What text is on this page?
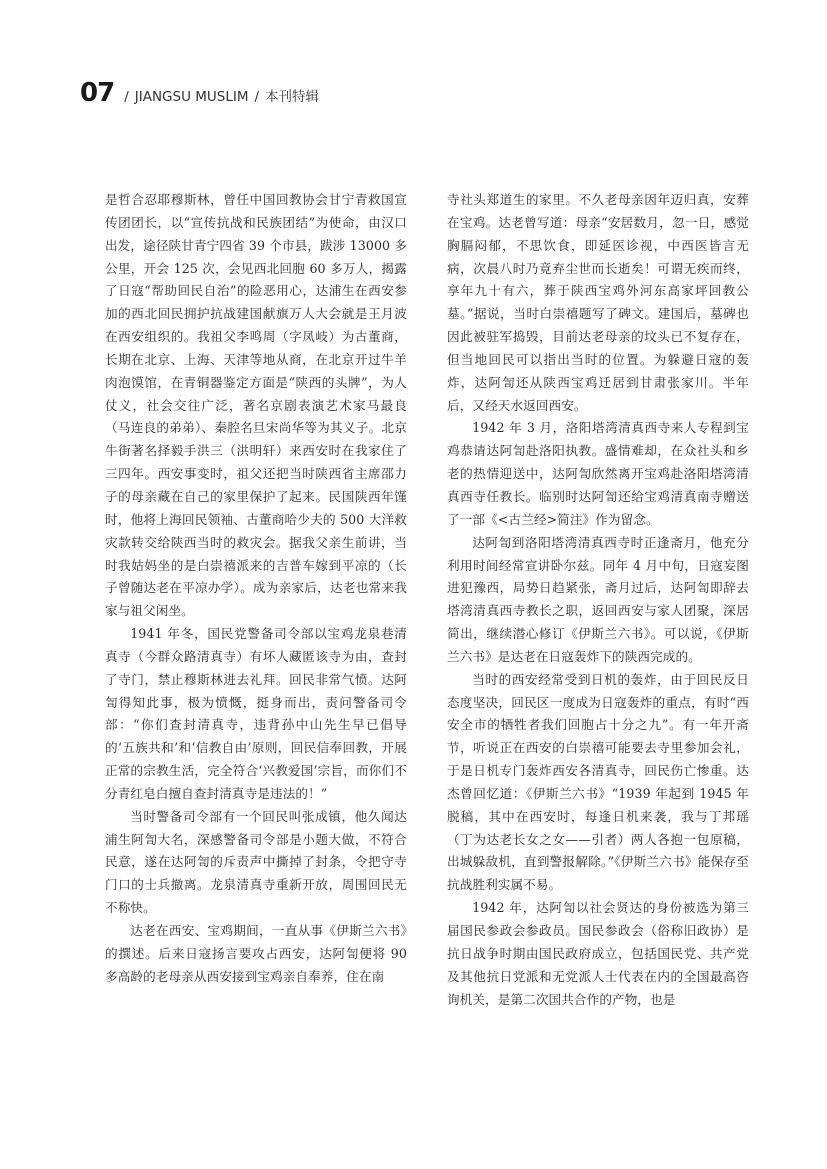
07 / JIANGSU MUSLIM / 本刊特辑

是哲合忍耶穆斯林，曾任中国回教协会甘宁青救国宣传团团长，以“宣传抗战和民族团结”为使命，由汉口出发，途径陕甘青宁四省 39 个市县，跋涉 13000 多公里，开会 125 次，会见西北回胞 60 多万人，揭露了日寇“帮助回民自治”的险恶用心，达浦生在西安参加的西北回民拥护抗战建国献旗万人大会就是王月波在西安组织的。我祖父李鸣周（字凤岐）为古董商，长期在北京、上海、天津等地从商，在北京开过牛羊肉泡馍馆，在青铜器鉴定方面是“陕西的头牌”，为人仗义，社会交往广泛，著名京剧表演艺术家马最良（马连良的弟弟）、秦腔名旦宋尚华等为其义子。北京牛街著名择毅手洪三（洪明轩）来西安时在我家住了三四年。西安事变时，祖父还把当时陕西省主席邵力子的母亲藏在自己的家里保护了起来。民国陕西年馑时，他将上海回民领袖、古董商哈少夫的 500 大洋救灾款转交给陕西当时的救灾会。据我父亲生前讲，当时我姑妈坐的是白崇禧派来的吉普车嫁到平凉的（长子曾随达老在平凉办学）。成为亲家后，达老也常来我家与祖父闲坐。

1941 年冬，国民党警备司令部以宝鸡龙泉巷清真寺（今群众路清真寺）有坏人藏匿该寺为由，查封了寺门，禁止穆斯林进去礼拜。回民非常气愤。达阿訇得知此事，极为愤慨，挺身而出，责问警备司令部：“你们查封清真寺，违背孙中山先生早已倡导的‘五族共和’和‘信教自由’原则，回民信奉回教，开展正常的宗教生活，完全符合‘兴教爱国’宗旨，而你们不分青红皂白擅自查封清真寺是违法的！”

当时警备司令部有一个回民叫张成镇，他久闻达浦生阿訇大名，深感警备司令部是小题大做，不符合民意，遂在达阿訇的斥责声中撕掉了封条，令把守寺门口的士兵撤离。龙泉清真寺重新开放，周围回民无不称快。

达老在西安、宝鸡期间，一直从事《伊斯兰六书》的撰述。后来日寇扬言要攻占西安，达阿訇便将 90 多高龄的老母亲从西安接到宝鸡亲自奉养，住在南

寺社头郑道生的家里。不久老母亲因年迈归真，安葬在宝鸡。达老曾写道：母亲“安居数月，忽一日，感觉胸膈闷郁，不思饮食，即延医诊视，中西医皆言无病，次晨八时乃竟弃尘世而长逝矣！可谓无疾而终，享年九十有六，葬于陕西宝鸡外河东高家坪回教公墓。”据说，当时白崇禧题写了碑文。建国后，墓碑也因此被驻军捣毁，目前达老母亲的坟头已不复存在，但当地回民可以指出当时的位置。为躲避日寇的轰炸，达阿訇还从陕西宝鸡迁居到甘肃张家川。半年后，又经天水返回西安。

1942 年 3 月，洛阳塔湾清真西寺来人专程到宝鸡恭请达阿訇赴洛阳执教。盛情难却，在众社头和乡老的热情迎送中，达阿訇欣然离开宝鸡赴洛阳塔湾清真西寺任教长。临别时达阿訇还给宝鸡清真南寺赠送了一部《<古兰经>简注》作为留念。

达阿訇到洛阳塔湾清真西寺时正逢斋月，他充分利用时间经常宣讲卧尔兹。同年 4 月中旬，日寇妄图进犯豫西，局势日趋紧张，斋月过后，达阿訇即辞去塔湾清真西寺教长之职，返回西安与家人团聚，深居简出，继续潜心修订《伊斯兰六书》。可以说，《伊斯兰六书》是达老在日寇轰炸下的陕西完成的。

当时的西安经常受到日机的轰炸，由于回民反日态度坚决，回民区一度成为日寇轰炸的重点，有时“西安全市的牺牲者我们回胞占十分之九”。有一年开斋节，听说正在西安的白崇禧可能要去寺里参加会礼，于是日机专门轰炸西安各清真寺，回民伤亡惨重。达杰曾回忆道：《伊斯兰六书》“1939 年起到 1945 年脱稿，其中在西安时，每逢日机来袭，我与丁邦瑶（丁为达老长女之女——引者）两人各抱一包原稿，出城躲敌机，直到警报解除。”《伊斯兰六书》能保存至抗战胜利实属不易。

1942 年，达阿訇以社会贤达的身份被选为第三届国民参政会参政员。国民参政会（俗称旧政协）是抗日战争时期由国民政府成立，包括国民党、共产党及其他抗日党派和无党派人士代表在内的全国最高咨询机关，是第二次国共合作的产物，也是
